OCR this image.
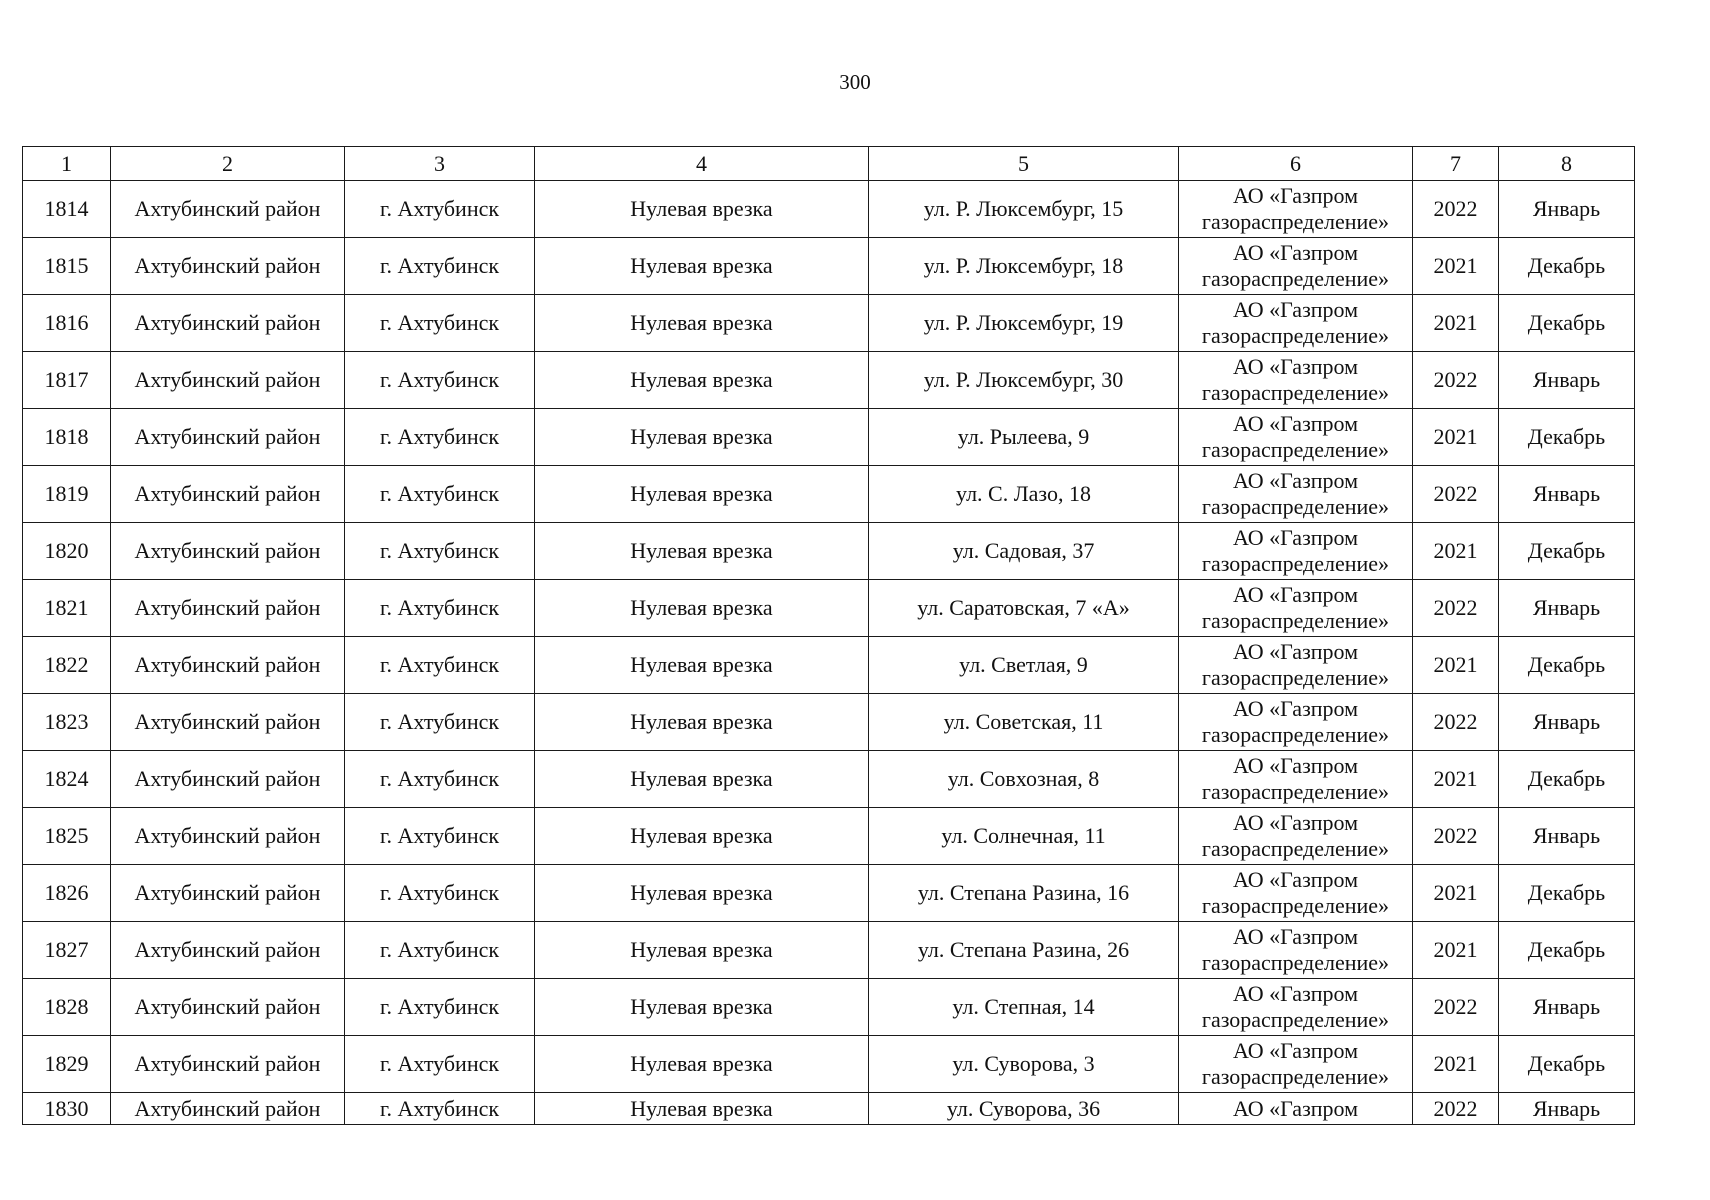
300
1	2	3	4	5	6	7	8
1814	Ахтубинский район	г. Ахтубинск	Нулевая врезка	ул. Р. Люксембург, 15	АО «Газпром
газораспределение»	2022	Январь
1815	Ахтубинский район	г. Ахтубинск	Нулевая врезка	ул. Р. Люксембург, 18	АО «Газпром
газораспределение»	2021	Декабрь
1816	Ахтубинский район	г. Ахтубинск	Нулевая врезка	ул. Р. Люксембург, 19	АО «Газпром
газораспределение»	2021	Декабрь
1817	Ахтубинский район	г. Ахтубинск	Нулевая врезка	ул. Р. Люксембург, 30	АО «Газпром
газораспределение»	2022	Январь
1818	Ахтубинский район	г. Ахтубинск	Нулевая врезка	ул. Рылеева, 9	АО «Газпром
газораспределение»	2021	Декабрь
1819	Ахтубинский район	г. Ахтубинск	Нулевая врезка	ул. С. Лазо, 18	АО «Газпром
газораспределение»	2022	Январь
1820	Ахтубинский район	г. Ахтубинск	Нулевая врезка	ул. Садовая, 37	АО «Газпром
газораспределение»	2021	Декабрь
1821	Ахтубинский район	г. Ахтубинск	Нулевая врезка	ул. Саратовская, 7 «А»	АО «Газпром
газораспределение»	2022	Январь
1822	Ахтубинский район	г. Ахтубинск	Нулевая врезка	ул. Светлая, 9	АО «Газпром
газораспределение»	2021	Декабрь
1823	Ахтубинский район	г. Ахтубинск	Нулевая врезка	ул. Советская, 11	АО «Газпром
газораспределение»	2022	Январь
1824	Ахтубинский район	г. Ахтубинск	Нулевая врезка	ул. Совхозная, 8	АО «Газпром
газораспределение»	2021	Декабрь
1825	Ахтубинский район	г. Ахтубинск	Нулевая врезка	ул. Солнечная, 11	АО «Газпром
газораспределение»	2022	Январь
1826	Ахтубинский район	г. Ахтубинск	Нулевая врезка	ул. Степана Разина, 16	АО «Газпром
газораспределение»	2021	Декабрь
1827	Ахтубинский район	г. Ахтубинск	Нулевая врезка	ул. Степана Разина, 26	АО «Газпром
газораспределение»	2021	Декабрь
1828	Ахтубинский район	г. Ахтубинск	Нулевая врезка	ул. Степная, 14	АО «Газпром
газораспределение»	2022	Январь
1829	Ахтубинский район	г. Ахтубинск	Нулевая врезка	ул. Суворова, 3	АО «Газпром
газораспределение»	2021	Декабрь
1830	Ахтубинский район	г. Ахтубинск	Нулевая врезка	ул. Суворова, 36	АО «Газпром	2022	Январь
